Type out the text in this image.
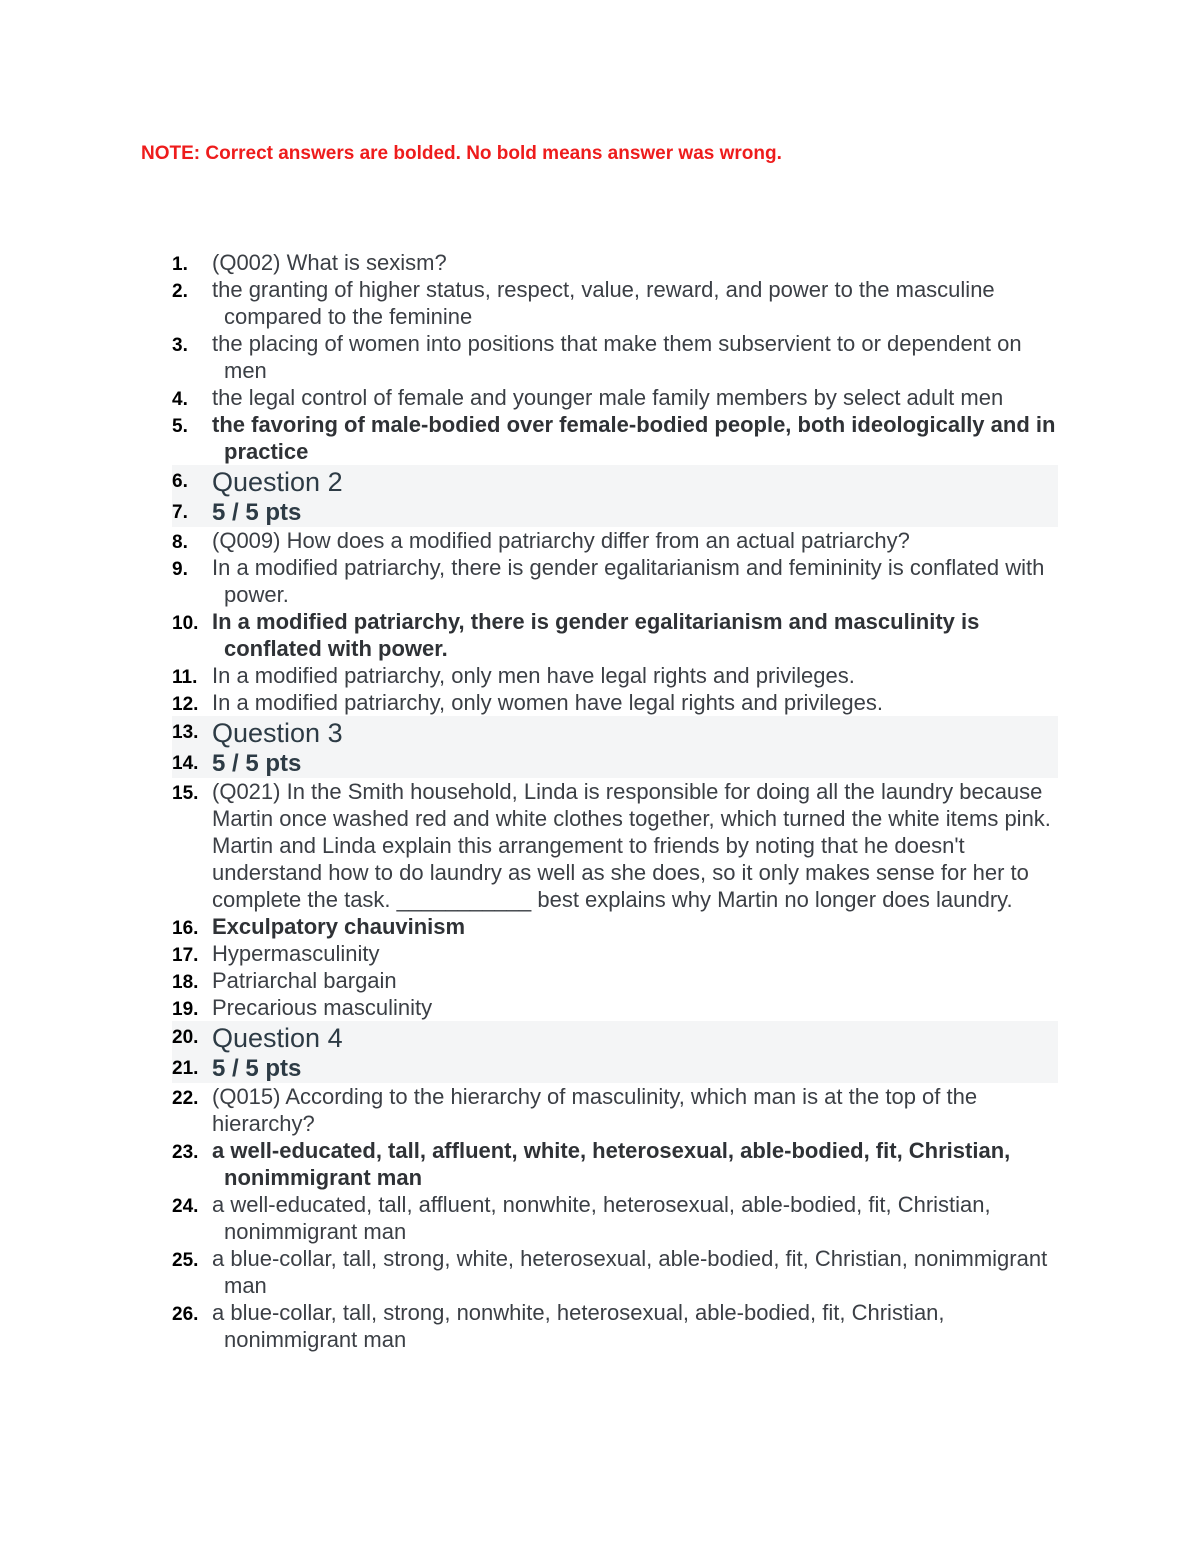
NOTE: Correct answers are bolded. No bold means answer was wrong.

1.	(Q002) What is sexism?
2.	the granting of higher status, respect, value, reward, and power to the masculine compared to the feminine
3.	the placing of women into positions that make them subservient to or dependent on men
4.	the legal control of female and younger male family members by select adult men
5.	the favoring of male-bodied over female-bodied people, both ideologically and in practice
6. Question 2
7.	5 / 5 pts
8.	(Q009) How does a modified patriarchy differ from an actual patriarchy?
9.	In a modified patriarchy, there is gender egalitarianism and femininity is conflated with power.
10. In a modified patriarchy, there is gender egalitarianism and masculinity is conflated with power.
11. In a modified patriarchy, only men have legal rights and privileges.
12. In a modified patriarchy, only women have legal rights and privileges.
13. Question 3
14. 5 / 5 pts
15. (Q021) In the Smith household, Linda is responsible for doing all the laundry because Martin once washed red and white clothes together, which turned the white items pink. Martin and Linda explain this arrangement to friends by noting that he doesn't understand how to do laundry as well as she does, so it only makes sense for her to complete the task. ___________ best explains why Martin no longer does laundry.
16. Exculpatory chauvinism
17. Hypermasculinity
18. Patriarchal bargain
19. Precarious masculinity
20. Question 4
21. 5 / 5 pts
22. (Q015) According to the hierarchy of masculinity, which man is at the top of the hierarchy?
23. a well-educated, tall, affluent, white, heterosexual, able-bodied, fit, Christian, nonimmigrant man
24. a well-educated, tall, affluent, nonwhite, heterosexual, able-bodied, fit, Christian, nonimmigrant man
25. a blue-collar, tall, strong, white, heterosexual, able-bodied, fit, Christian, nonimmigrant man
26. a blue-collar, tall, strong, nonwhite, heterosexual, able-bodied, fit, Christian, nonimmigrant man
